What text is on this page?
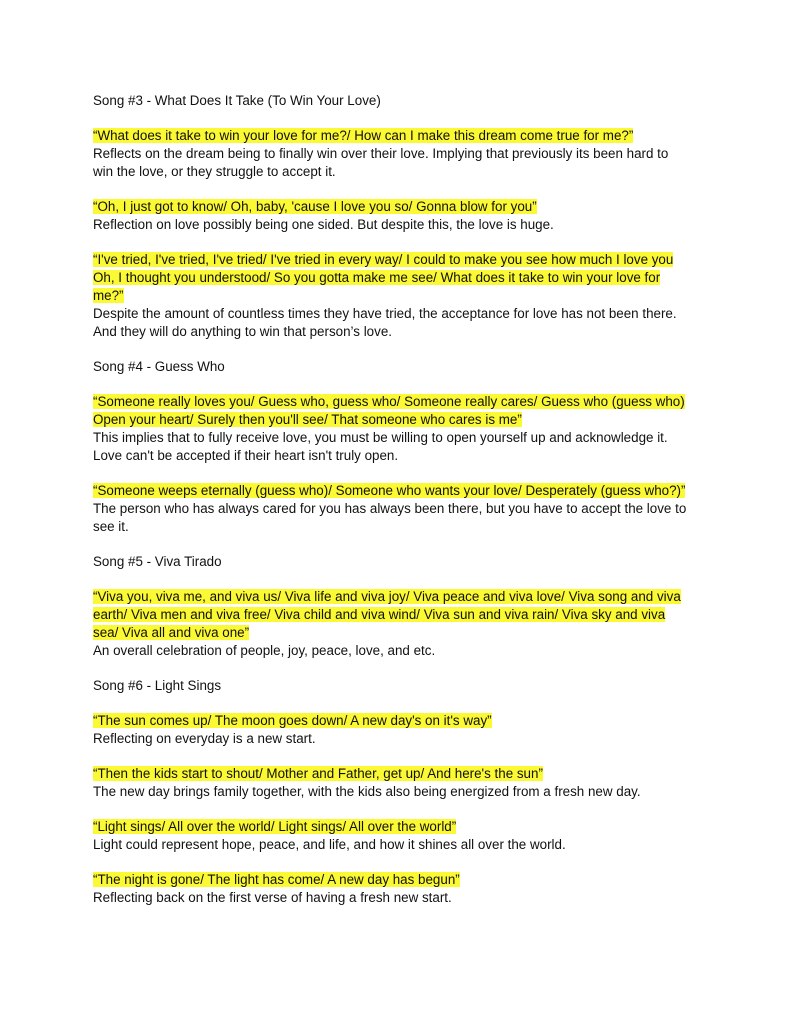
Song #3 - What Does It Take (To Win Your Love)
“What does it take to win your love for me?/ How can I make this dream come true for me?”
Reflects on the dream being to finally win over their love. Implying that previously its been hard to
win the love, or they struggle to accept it.
“Oh, I just got to know/ Oh, baby, 'cause I love you so/ Gonna blow for you”
Reflection on love possibly being one sided. But despite this, the love is huge.
“I've tried, I've tried, I've tried/ I've tried in every way/ I could to make you see how much I love you
Oh, I thought you understood/ So you gotta make me see/ What does it take to win your love for
me?”
Despite the amount of countless times they have tried, the acceptance for love has not been there.
And they will do anything to win that person’s love.
Song #4 - Guess Who
“Someone really loves you/ Guess who, guess who/ Someone really cares/ Guess who (guess who)
Open your heart/ Surely then you'll see/ That someone who cares is me”
This implies that to fully receive love, you must be willing to open yourself up and acknowledge it.
Love can't be accepted if their heart isn't truly open.
“Someone weeps eternally (guess who)/ Someone who wants your love/ Desperately (guess who?)”
The person who has always cared for you has always been there, but you have to accept the love to
see it.
Song #5 - Viva Tirado
“Viva you, viva me, and viva us/ Viva life and viva joy/ Viva peace and viva love/ Viva song and viva
earth/ Viva men and viva free/ Viva child and viva wind/ Viva sun and viva rain/ Viva sky and viva
sea/ Viva all and viva one”
An overall celebration of people, joy, peace, love, and etc.
Song #6 - Light Sings
“The sun comes up/ The moon goes down/ A new day's on it's way”
Reflecting on everyday is a new start.
“Then the kids start to shout/ Mother and Father, get up/ And here's the sun”
The new day brings family together, with the kids also being energized from a fresh new day.
“Light sings/ All over the world/ Light sings/ All over the world”
Light could represent hope, peace, and life, and how it shines all over the world.
“The night is gone/ The light has come/ A new day has begun”
Reflecting back on the first verse of having a fresh new start.
